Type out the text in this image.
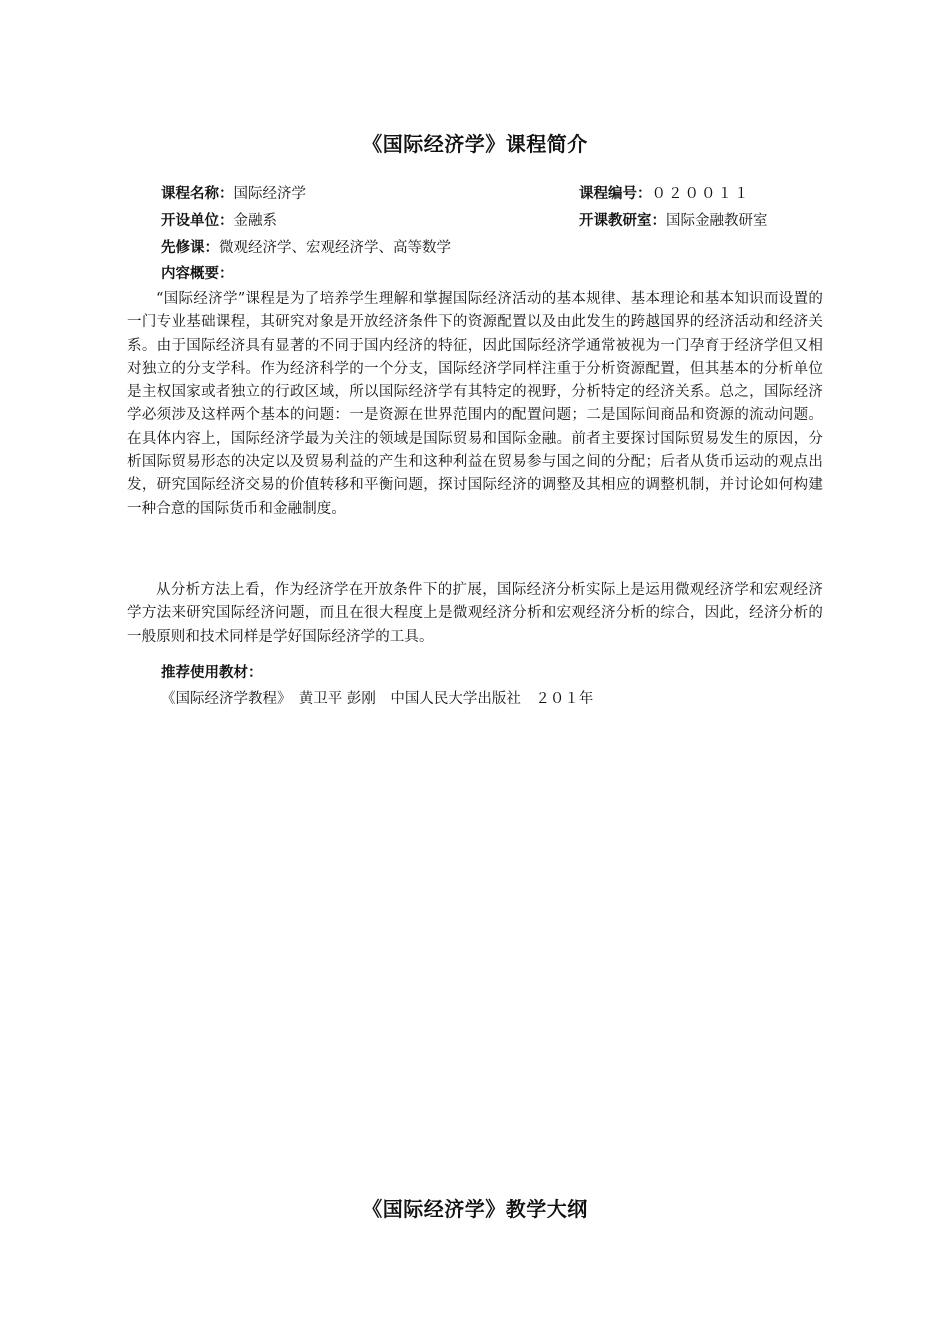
《国际经济学》课程简介
课程名称：国际经济学	课程编号：０２００１１
开设单位：金融系	开课教研室：国际金融教研室
先修课：微观经济学、宏观经济学、高等数学
内容概要：

“国际经济学”课程是为了培养学生理解和掌握国际经济活动的基本规律、基本理论和基本知识而设置的一门专业基础课程，其研究对象是开放经济条件下的资源配置以及由此发生的跨越国界的经济活动和经济关系。由于国际经济具有显著的不同于国内经济的特征，因此国际经济学通常被视为一门孕育于经济学但又相对独立的分支学科。作为经济科学的一个分支，国际经济学同样注重于分析资源配置，但其基本的分析单位是主权国家或者独立的行政区域，所以国际经济学有其特定的视野，分析特定的经济关系。总之，国际经济学必须涉及这样两个基本的问题：一是资源在世界范围内的配置问题；二是国际间商品和资源的流动问题。在具体内容上，国际经济学最为关注的领域是国际贸易和国际金融。前者主要探讨国际贸易发生的原因，分析国际贸易形态的决定以及贸易利益的产生和这种利益在贸易参与国之间的分配；后者从货币运动的观点出发，研究国际经济交易的价值转移和平衡问题，探讨国际经济的调整及其相应的调整机制，并讨论如何构建一种合意的国际货币和金融制度。

从分析方法上看，作为经济学在开放条件下的扩展，国际经济分析实际上是运用微观经济学和宏观经济学方法来研究国际经济问题，而且在很大程度上是微观经济分析和宏观经济分析的综合，因此，经济分析的一般原则和技术同样是学好国际经济学的工具。

推荐使用教材：
《国际经济学教程》　黄卫平 彭刚　中国人民大学出版社　２０１年
《国际经济学》教学大纲
